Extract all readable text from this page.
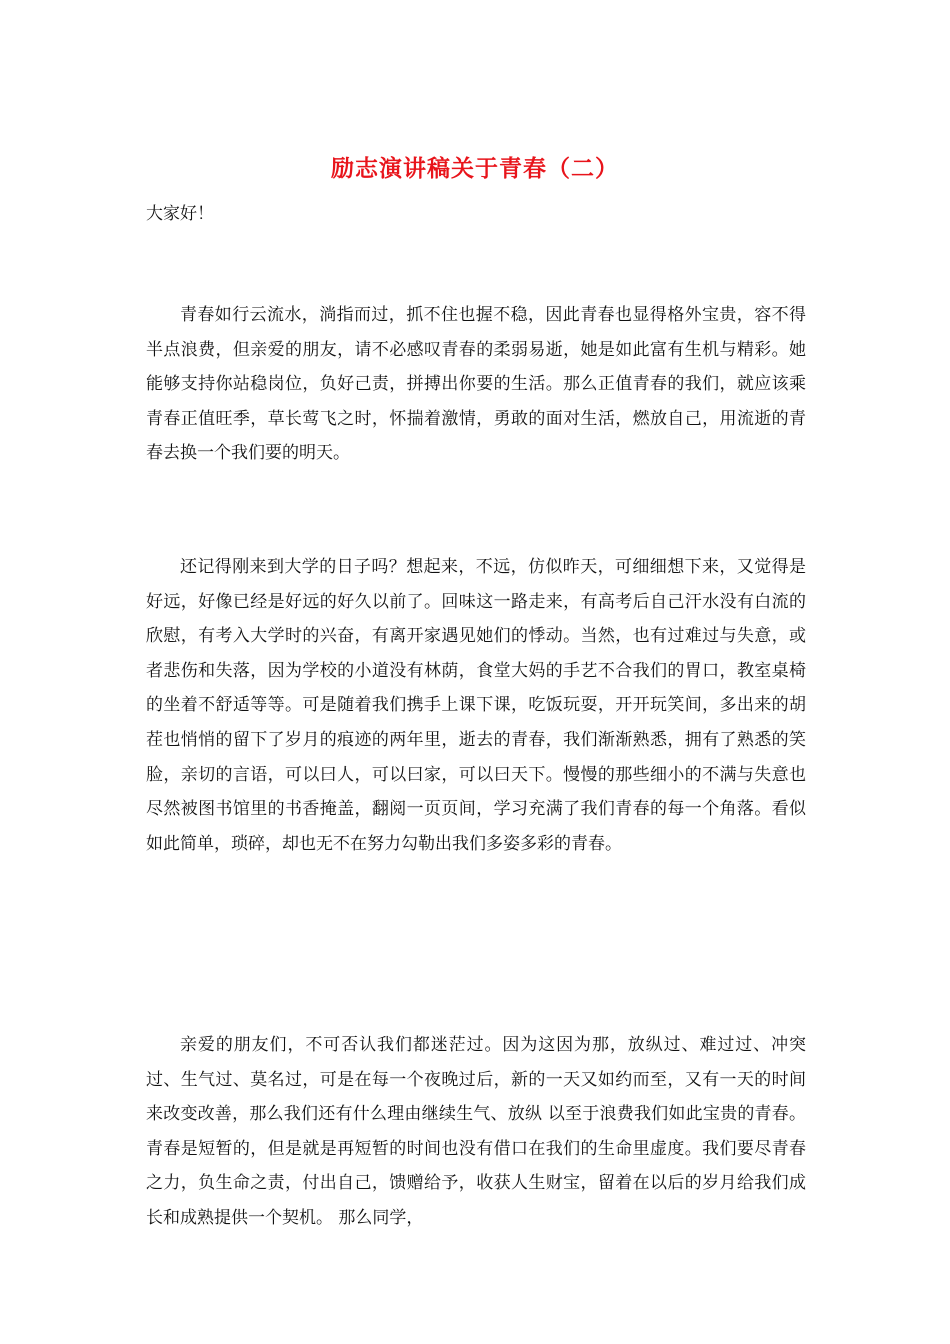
励志演讲稿关于青春（二）
大家好！

青春如行云流水，淌指而过，抓不住也握不稳，因此青春也显得格外宝贵，容不得半点浪费，但亲爱的朋友，请不必感叹青春的柔弱易逝，她是如此富有生机与精彩。她能够支持你站稳岗位，负好己责，拼搏出你要的生活。那么正值青春的我们，就应该乘青春正值旺季，草长莺飞之时，怀揣着激情，勇敢的面对生活，燃放自己，用流逝的青春去换一个我们要的明天。

还记得刚来到大学的日子吗？想起来，不远，仿似昨天，可细细想下来，又觉得是好远，好像已经是好远的好久以前了。回味这一路走来，有高考后自己汗水没有白流的欣慰，有考入大学时的兴奋，有离开家遇见她们的悸动。当然，也有过难过与失意，或者悲伤和失落，因为学校的小道没有林荫，食堂大妈的手艺不合我们的胃口，教室桌椅的坐着不舒适等等。可是随着我们携手上课下课，吃饭玩耍，开开玩笑间，多出来的胡茬也悄悄的留下了岁月的痕迹的两年里，逝去的青春，我们渐渐熟悉，拥有了熟悉的笑脸，亲切的言语，可以曰人，可以曰家，可以曰天下。慢慢的那些细小的不满与失意也尽然被图书馆里的书香掩盖，翻阅一页页间，学习充满了我们青春的每一个角落。看似如此简单，琐碎，却也无不在努力勾勒出我们多姿多彩的青春。

亲爱的朋友们，不可否认我们都迷茫过。因为这因为那，放纵过、难过过、冲突过、生气过、莫名过，可是在每一个夜晚过后，新的一天又如约而至，又有一天的时间来改变改善，那么我们还有什么理由继续生气、放纵 以至于浪费我们如此宝贵的青春。青春是短暂的，但是就是再短暂的时间也没有借口在我们的生命里虚度。我们要尽青春之力，负生命之责，付出自己，馈赠给予，收获人生财宝，留着在以后的岁月给我们成长和成熟提供一个契机。 那么同学，
